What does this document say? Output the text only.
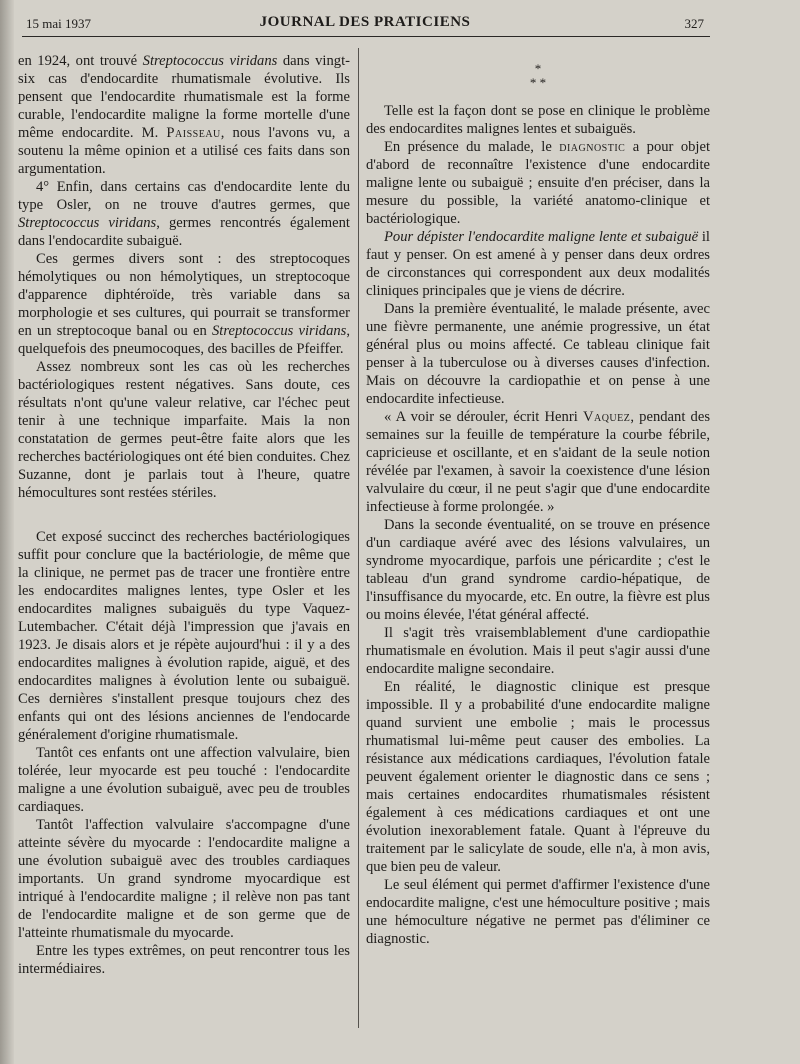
15 mai 1937	JOURNAL DES PRATICIENS	327

en 1924, ont trouvé Streptococcus viridans dans vingt-six cas d'endocardite rhumatismale évolutive. Ils pensent que l'endocardite rhumatismale est la forme curable, l'endocardite maligne la forme mortelle d'une même endocardite. M. Paisseau, nous l'avons vu, a soutenu la même opinion et a utilisé ces faits dans son argumentation.

4° Enfin, dans certains cas d'endocardite lente du type Osler, on ne trouve d'autres germes, que Streptococcus viridans, germes rencontrés également dans l'endocardite subaiguë.

Ces germes divers sont : des streptocoques hémolytiques ou non hémolytiques, un streptocoque d'apparence diphtéroïde, très variable dans sa morphologie et ses cultures, qui pourrait se transformer en un streptocoque banal ou en Streptococcus viridans, quelquefois des pneumocoques, des bacilles de Pfeiffer.

Assez nombreux sont les cas où les recherches bactériologiques restent négatives. Sans doute, ces résultats n'ont qu'une valeur relative, car l'échec peut tenir à une technique imparfaite. Mais la non constatation de germes peut-être faite alors que les recherches bactériologiques ont été bien conduites. Chez Suzanne, dont je parlais tout à l'heure, quatre hémocultures sont restées stériles.

Cet exposé succinct des recherches bactériologiques suffit pour conclure que la bactériologie, de même que la clinique, ne permet pas de tracer une frontière entre les endocardites malignes lentes, type Osler et les endocardites malignes subaiguës du type Vaquez-Lutembacher. C'était déjà l'impression que j'avais en 1923. Je disais alors et je répète aujourd'hui : il y a des endocardites malignes à évolution rapide, aiguë, et des endocardites malignes à évolution lente ou subaiguë. Ces dernières s'installent presque toujours chez des enfants qui ont des lésions anciennes de l'endocarde généralement d'origine rhumatismale.

Tantôt ces enfants ont une affection valvulaire, bien tolérée, leur myocarde est peu touché : l'endocardite maligne a une évolution subaiguë, avec peu de troubles cardiaques.

Tantôt l'affection valvulaire s'accompagne d'une atteinte sévère du myocarde : l'endocardite maligne a une évolution subaiguë avec des troubles cardiaques importants. Un grand syndrome myocardique est intriqué à l'endocardite maligne ; il relève non pas tant de l'endocardite maligne et de son germe que de l'atteinte rhumatismale du myocarde.

Entre les types extrêmes, on peut rencontrer tous les intermédiaires.

*
* *

Telle est la façon dont se pose en clinique le problème des endocardites malignes lentes et subaiguës.

En présence du malade, le diagnostic a pour objet d'abord de reconnaître l'existence d'une endocardite maligne lente ou subaiguë ; ensuite d'en préciser, dans la mesure du possible, la variété anatomo-clinique et bactériologique.

Pour dépister l'endocardite maligne lente et subaiguë il faut y penser. On est amené à y penser dans deux ordres de circonstances qui correspondent aux deux modalités cliniques principales que je viens de décrire.

Dans la première éventualité, le malade présente, avec une fièvre permanente, une anémie progressive, un état général plus ou moins affecté. Ce tableau clinique fait penser à la tuberculose ou à diverses causes d'infection. Mais on découvre la cardiopathie et on pense à une endocardite infectieuse.

« A voir se dérouler, écrit Henri Vaquez, pendant des semaines sur la feuille de température la courbe fébrile, capricieuse et oscillante, et en s'aidant de la seule notion révélée par l'examen, à savoir la coexistence d'une lésion valvulaire du cœur, il ne peut s'agir que d'une endocardite infectieuse à forme prolongée. »

Dans la seconde éventualité, on se trouve en présence d'un cardiaque avéré avec des lésions valvulaires, un syndrome myocardique, parfois une péricardite ; c'est le tableau d'un grand syndrome cardio-hépatique, de l'insuffisance du myocarde, etc. En outre, la fièvre est plus ou moins élevée, l'état général affecté.

Il s'agit très vraisemblablement d'une cardiopathie rhumatismale en évolution. Mais il peut s'agir aussi d'une endocardite maligne secondaire.

En réalité, le diagnostic clinique est presque impossible. Il y a probabilité d'une endocardite maligne quand survient une embolie ; mais le processus rhumatismal lui-même peut causer des embolies. La résistance aux médications cardiaques, l'évolution fatale peuvent également orienter le diagnostic dans ce sens ; mais certaines endocardites rhumatismales résistent également à ces médications cardiaques et ont une évolution inexorablement fatale. Quant à l'épreuve du traitement par le salicylate de soude, elle n'a, à mon avis, que bien peu de valeur.

Le seul élément qui permet d'affirmer l'existence d'une endocardite maligne, c'est une hémoculture positive ; mais une hémoculture négative ne permet pas d'éliminer ce diagnostic.
